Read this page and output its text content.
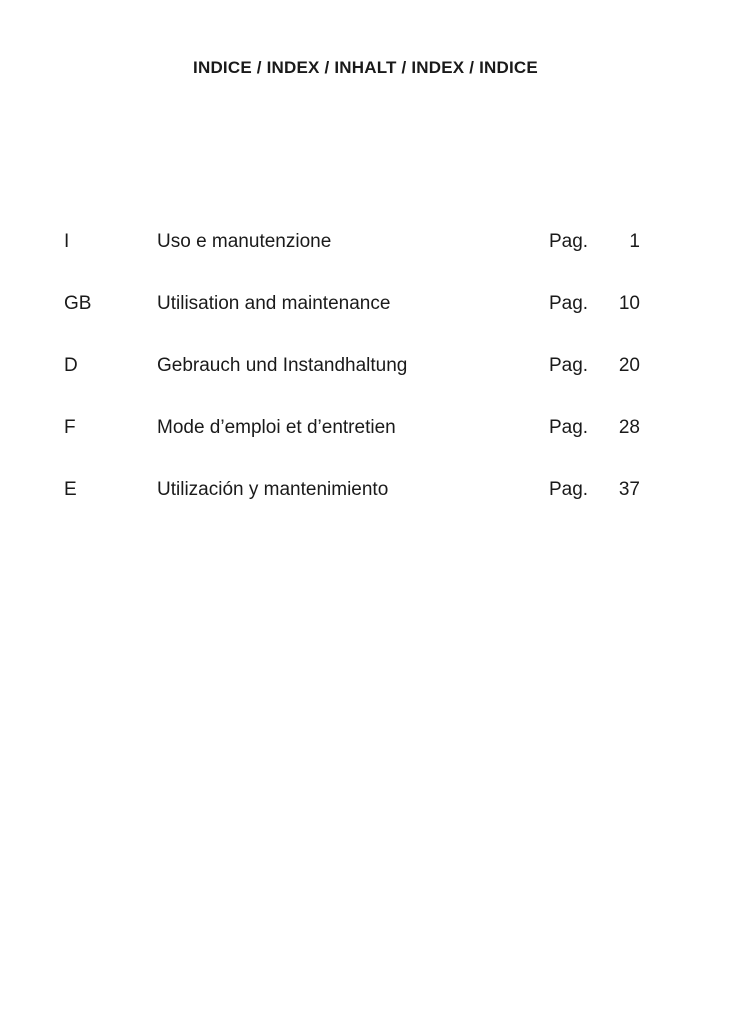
INDICE / INDEX / INHALT / INDEX / INDICE
I	Uso e manutenzione	Pag. 1
GB	Utilisation and maintenance	Pag. 10
D	Gebrauch und Instandhaltung	Pag. 20
F	Mode d’emploi et d’entretien	Pag. 28
E	Utilización y mantenimiento	Pag. 37
